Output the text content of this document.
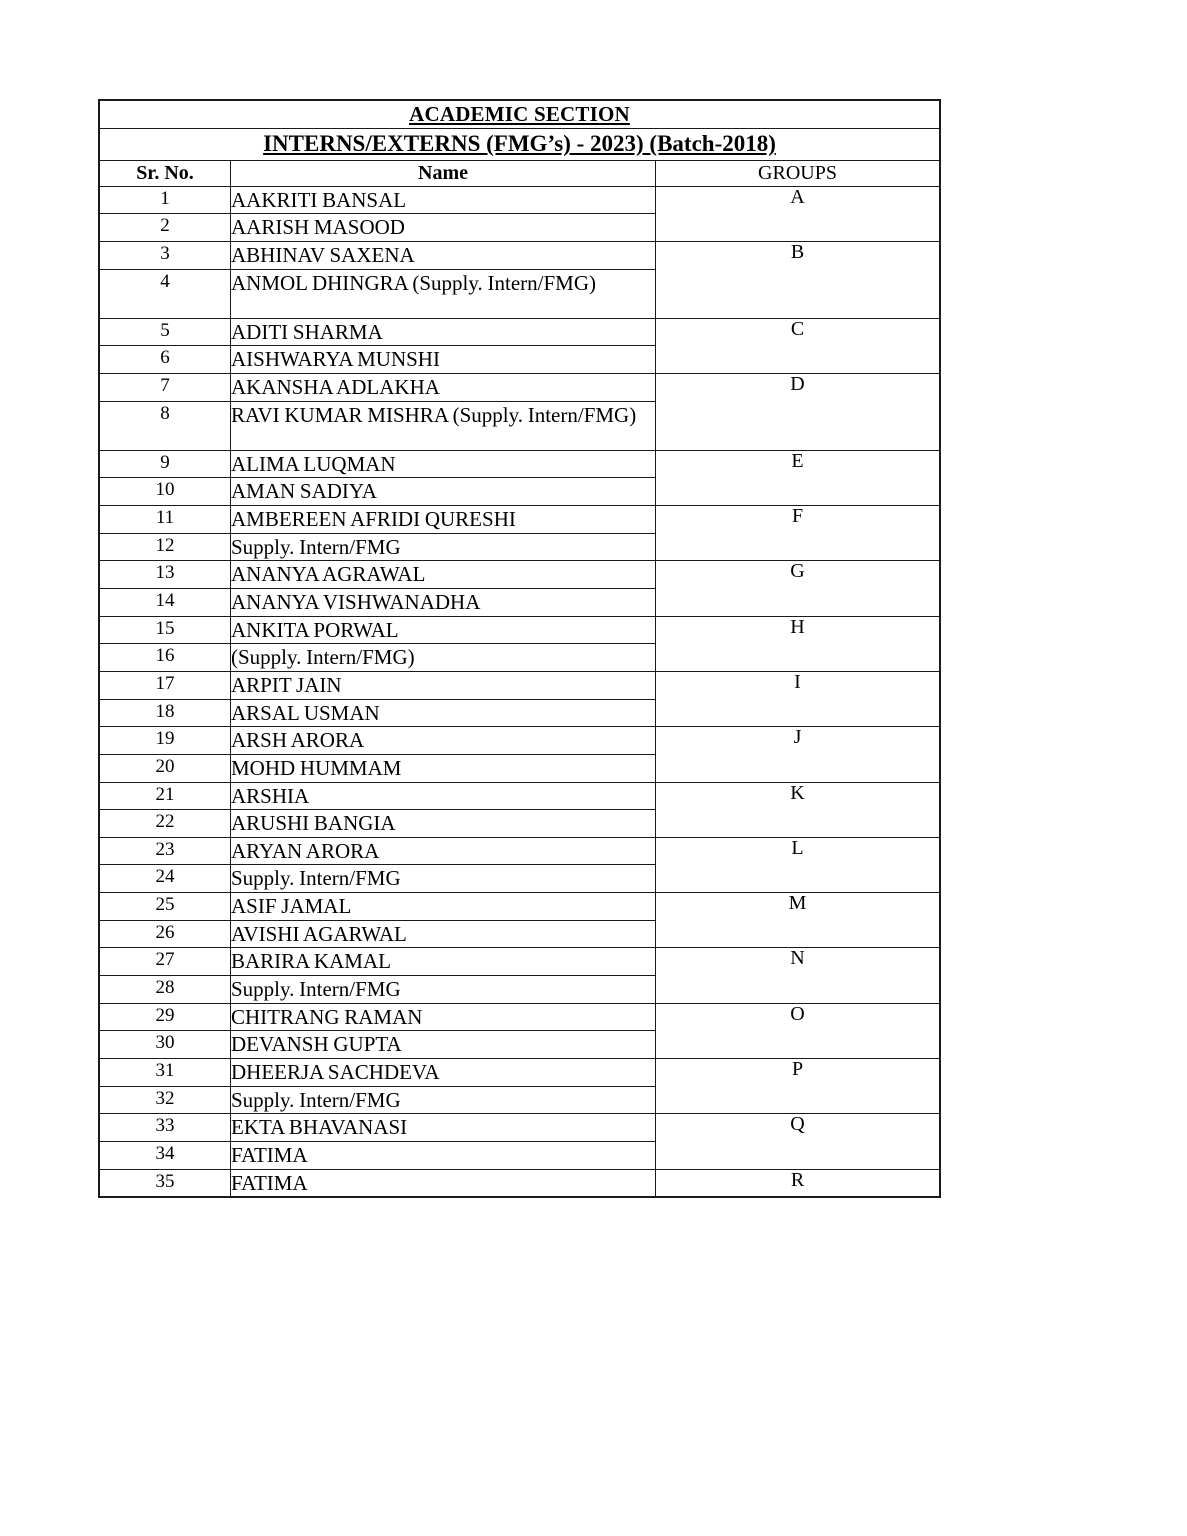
ACADEMIC SECTION		
INTERNS/EXTERNS (FMG’s) - 2023) (Batch-2018)		
Sr. No.	Name	GROUPS
1	AAKRITI BANSAL	A

2	AARISH MASOOD	
3	ABHINAV SAXENA	B

4	ANMOL DHINGRA (Supply. Intern/FMG)	
5	ADITI SHARMA	C

6	AISHWARYA MUNSHI	
7	AKANSHA ADLAKHA	D

8	RAVI KUMAR MISHRA (Supply. Intern/FMG)	
9	ALIMA LUQMAN	E

10	AMAN SADIYA	
11	AMBEREEN AFRIDI QURESHI	F

12	Supply. Intern/FMG	
13	ANANYA AGRAWAL	G

14	ANANYA VISHWANADHA	
15	ANKITA PORWAL	H

16	(Supply. Intern/FMG)	
17	ARPIT JAIN	I

18	ARSAL USMAN	
19	ARSH ARORA	J

20	MOHD HUMMAM	
21	ARSHIA	K

22	ARUSHI BANGIA	
23	ARYAN ARORA	L

24	Supply. Intern/FMG	
25	ASIF JAMAL	M

26	AVISHI AGARWAL	
27	BARIRA KAMAL	N

28	Supply. Intern/FMG	
29	CHITRANG RAMAN	O

30	DEVANSH GUPTA	
31	DHEERJA SACHDEVA	P

32	Supply. Intern/FMG	
33	EKTA BHAVANASI	Q

34	FATIMA	
35	FATIMA	R
